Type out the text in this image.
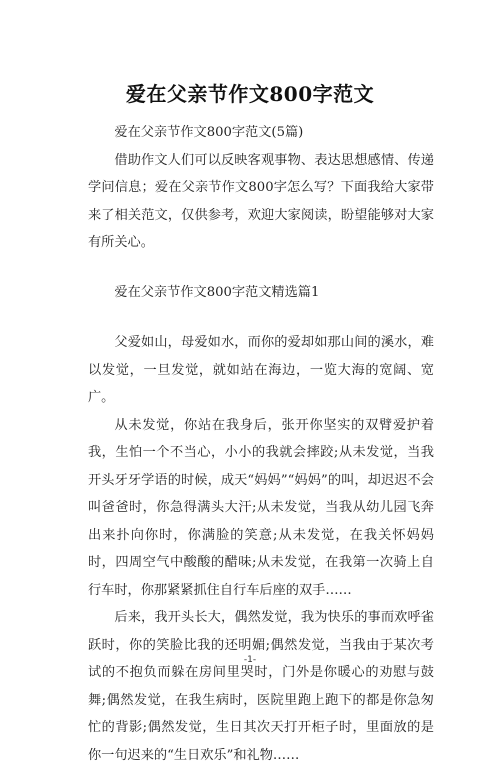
爱在父亲节作文800字范文

爱在父亲节作文800字范文(5篇)

借助作文人们可以反映客观事物、表达思想感情、传递学问信息；爱在父亲节作文800字怎么写？下面我给大家带来了相关范文，仅供参考，欢迎大家阅读，盼望能够对大家有所关心。

爱在父亲节作文800字范文精选篇1

父爱如山，母爱如水，而你的爱却如那山间的溪水，难以发觉，一旦发觉，就如站在海边，一览大海的宽阔、宽广。

从未发觉，你站在我身后，张开你坚实的双臂爱护着我，生怕一个不当心，小小的我就会摔跤;从未发觉，当我开头牙牙学语的时候，成天“妈妈”“妈妈”的叫，却迟迟不会叫爸爸时，你急得满头大汗;从未发觉，当我从幼儿园飞奔出来扑向你时，你满脸的笑意;从未发觉，在我关怀妈妈时，四周空气中酸酸的醋味;从未发觉，在我第一次骑上自行车时，你那紧紧抓住自行车后座的双手……

后来，我开头长大，偶然发觉，我为快乐的事而欢呼雀跃时，你的笑脸比我的还明媚;偶然发觉，当我由于某次考试的不抱负而躲在房间里哭时，门外是你暖心的劝慰与鼓舞;偶然发觉，在我生病时，医院里跑上跑下的都是你急匆忙的背影;偶然发觉，生日其次天打开柜子时，里面放的是你一句迟来的“生日欢乐”和礼物……

-1-
